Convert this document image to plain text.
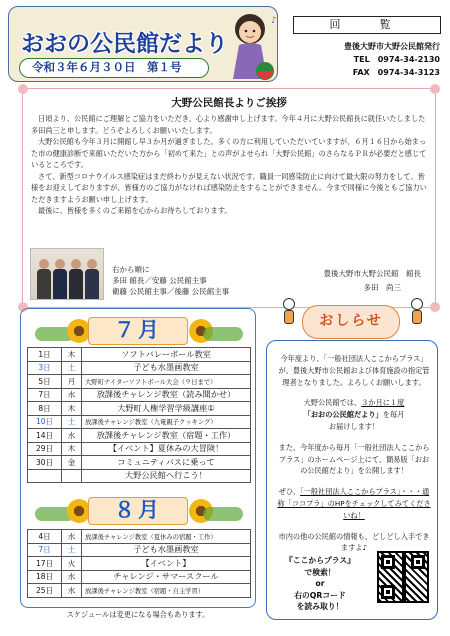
おおの公民館だより
令和３年６月３０日　第１号
♪	回　覧
豊後大野市大野公民館発行
TEL　0974-34-2130
FAX　0974-34-3123
大野公民館長よりご挨拶

日頃より、公民館にご理解とご協力をいただき、心より感謝申し上げます。今年４月に大野公民館長に就任いたしました多田尚三と申します。どうぞよろしくお願いいたします。

大野公民館も今年３月に開館し早３か月が過ぎました。多くの方に利用していただいていますが、６月１６日から始まった市の健康診断で来館いただいた方から「初めて来た」との声がよせられ「大野公民館」のさらなるＰＲが必要だと感じているところです。

さて、新型コロナウイルス感染症はまだ終わりが見えない状況です。職員一同感染防止に向けて最大限の努力をして、皆様をお迎えしておりますが、皆様方のご協力がなければ感染防止をすることができません。今まで同様に今後ともご協力いただきますようお願い申し上げます。

最後に、皆様を多くのご来館を心からお待ちしております。

豊後大野市大野公民館　館長
多田　尚三
右から順に
多田 館長／安藤 公民館主事
衛藤 公民館主事／後藤 公民館主事
７月
1日	木	ソフトバレーボール教室
3日	土	子ども水墨画教室
5日	月	大野町ナイターソフトボール大会（９日まで）
7日	水	放課後チャレンジ教室（読み聞かせ）
8日	木	大野町人権学習学級講座①
10日	土	放課後チャレンジ教室（九電親子クッキング）
14日	水	放課後チャレンジ教室（宿題・工作）
29日	木	【イベント】夏休みの大冒険！
30日	金	コミュニティバスに乗って
		大野公民館へ行こう！
８月
4日	水	放課後チャレンジ教室（夏休みの宿題・工作）
7日	土	子ども水墨画教室
17日	火	【イベント】
18日	水	チャレンジ・サマースクール
25日	水	放課後チャレンジ教室（宿題・自主学習）
スケジュールは変更になる場合もあります。
おしらせ

今年度より、「一般社団法人ここからプラス」が、豊後大野市公民館および体育施設の指定管理者となりました。よろしくお願いします。

大野公民館では、３か月に１度
「おおの公民館だより」を毎月
お届けします！

また、今年度から毎月「一般社団法人ここからプラス」のホームページ上にて、簡易版「おおの公民館だより」を公開します！

ぜひ、「一般社団法人ここからプラス」・・・通称「ココプラ」のHPをチェックしてみてくださいね！

市内の他の公民館の情報も、どしどし入手できますよ♪

『ここからプラス』
で検索！
or
右のQRコード
を読み取り！
